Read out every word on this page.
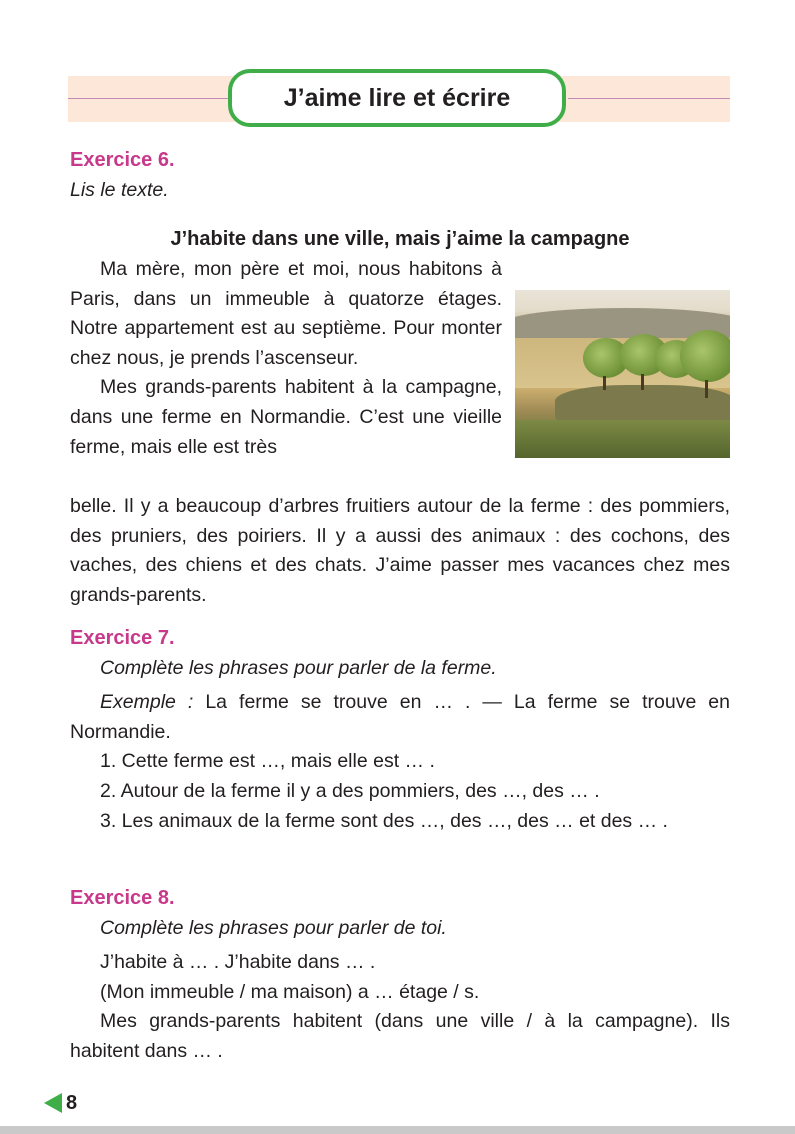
J’aime lire et écrire
Exercice 6.
Lis le texte.
J’habite dans une ville, mais j’aime la campagne

Ma mère, mon père et moi, nous habitons à Paris, dans un immeuble à quatorze étages. Notre appartement est au septième. Pour monter chez nous, je prends l’ascenseur.

Mes grands-parents habitent à la campagne, dans une ferme en Normandie. C’est une vieille ferme, mais elle est très

belle. Il y a beaucoup d’arbres fruitiers autour de la ferme : des pommiers, des pruniers, des poiriers. Il y a aussi des animaux : des cochons, des vaches, des chiens et des chats. J’aime passer mes vacances chez mes grands-parents.

Exercice 7.
Complète les phrases pour parler de la ferme.

Exemple : La ferme se trouve en … . — La ferme se trouve en Normandie.

1. Cette ferme est …, mais elle est … .

2. Autour de la ferme il y a des pommiers, des …, des … .

3. Les animaux de la ferme sont des …, des …, des … et des … .

Exercice 8.
Complète les phrases pour parler de toi.

J’habite à … . J’habite dans … .

(Mon immeuble / ma maison) a … étage / s.

Mes grands-parents habitent (dans une ville / à la campagne). Ils habitent dans … .

8
